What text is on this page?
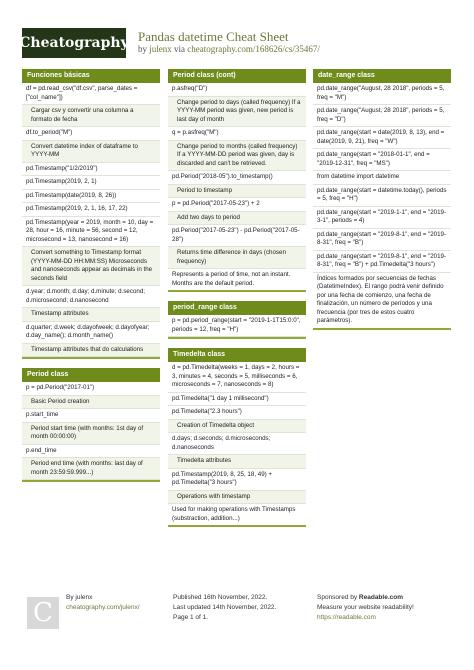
Cheatography Pandas datetime Cheat Sheet
by julenx via cheatography.com/168626/cs/35467/
Funciones básicas
df = pd.read_csv("df.csv", parse_dates = ["col_name"])
Cargar csv y convertir una columna a formato de fecha
df.to_period("M")
Convert datetime index of dataframe to YYYY-MM
pd.Timestamp("1/2/2019")
pd.Timestamp(2019, 2, 1)
pd.Timestamp(date(2019, 8, 26))
pd.Timestamp(2019, 2, 1, 16, 17, 22)
pd.Timestamp(year = 2019, month = 10, day = 28, hour = 16, minute = 56, second = 12, microsecond = 13, nanosecond = 16)
Convert something to Timestamp format (YYYY-MM-DD HH:MM:SS) Microseconds and nanoseconds appear as decimals in the seconds field
d.year; d.month; d.day; d.minute; d.second; d.microsecond; d.nanosecond
Timestamp attributes
d.quarter; d.week; d.dayofweek; d.dayofyear; d.day_name(); d.month_name()
Timestamp attributes that do calculations
Period class
p = pd.Period("2017-01")
Basic Period creation
p.start_time
Period start time (with months: 1st day of month 00:00:00)
p.end_time
Period end time (with months: last day of month 23:59:59.999...)
Period class (cont)
p.asfreq("D")
Change period to days (called frequency) If a YYYY-MM period was given, new period is last day of month
q = p.asfreq("M")
Change period to months (called frequency) If a YYYY-MM-DD period was given, day is discarded and can't be retrieved.
pd.Period("2018-05").to_timestamp()
Period to timestamp
p = pd.Period("2017-05-23") + 2
Add two days to period
pd.Period("2017-05-23") - pd.Period("2017-05-28")
Returns time difference in days (chosen frequency)
Represents a period of time, not an instant. Months are the default period.
period_range class
p = pd.period_range(start = "2019-1-1T15:0:0", periods = 12, freq = "H")
Timedelta class
d = pd.Timedelta(weeks = 1, days = 2, hours = 3, minutes = 4, seconds = 5, milliseconds = 6, microseconds = 7, nanoseconds = 8)
pd.Timedelta("1 day 1 millisecond")
pd.Timedelta("2.3 hours")
Creation of Timedelta object
d.days; d.seconds; d.microseconds; d.nanoseconds
Timedelta attributes
pd.Timestamp(2019, 8, 25, 18, 49) + pd.Timedelta("3 hours")
Operations with timestamp
Used for making operations with Timestamps (substraction, addition...)
date_range class
pd.date_range("August, 28 2018", periods = 5, freq = "M")
pd.date_range("August, 28 2018", periods = 5, freq = "D")
pd.date_range(start = date(2019, 8, 13), end = date(2019, 9, 21), freq = "W")
pd.date_range(start = "2018-01-1", end = "2019-12-31", freq = "MS")
from datetime import datetime
pd.date_range(start = datetime.today(), periods = 5, freq = "H")
pd.date_range(start = "2019-1-1", end = "2019-3-1", periods = 4)
pd.date_range(start = "2019-8-1", end = "2019-8-31", freq = "B")
pd.date_range(start = "2019-8-1", end = "2019-8-31", freq = "B") + pd.Timedelta("3 hours")
Índices formados por secuencias de fechas (DatetimeIndex). El rango podrá venir definido por una fecha de comienzo, una fecha de finalización, un número de períodos y una frecuencia (por tres de estos cuatro parámetros).
C
By julenx
cheatography.com/julenx/
Published 16th November, 2022.
Last updated 14th November, 2022.
Page 1 of 1.
Sponsored by Readable.com
Measure your website readability!
https://readable.com
